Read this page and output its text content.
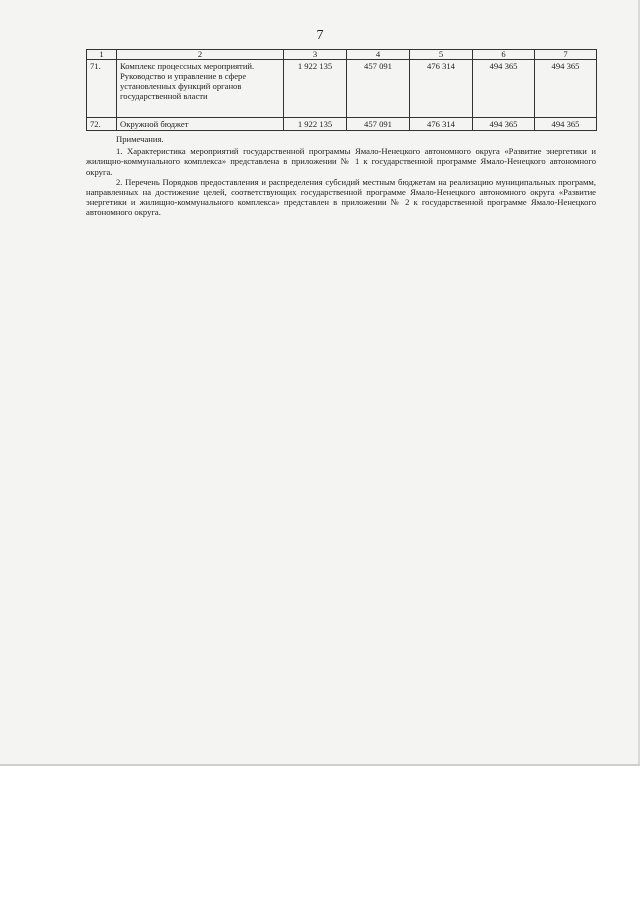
7
1	2	3	4	5	6	7
71.	Комплекс процессных мероприятий. Руководство и управление в сфере установленных функций органов государственной власти	1 922 135	457 091	476 314	494 365	494 365
72.	Окружной бюджет	1 922 135	457 091	476 314	494 365	494 365

Примечания.

1. Характеристика мероприятий государственной программы Ямало-Ненецкого автономного округа «Развитие энергетики и жилищно-коммунального комплекса» представлена в приложении № 1 к государственной программе Ямало-Ненецкого автономного округа.

2. Перечень Порядков предоставления и распределения субсидий местным бюджетам на реализацию муниципальных программ, направленных на достижение целей, соответствующих государственной программе Ямало-Ненецкого автономного округа «Развитие энергетики и жилищно-коммунального комплекса» представлен в приложении № 2 к государственной программе Ямало-Ненецкого автономного округа.
